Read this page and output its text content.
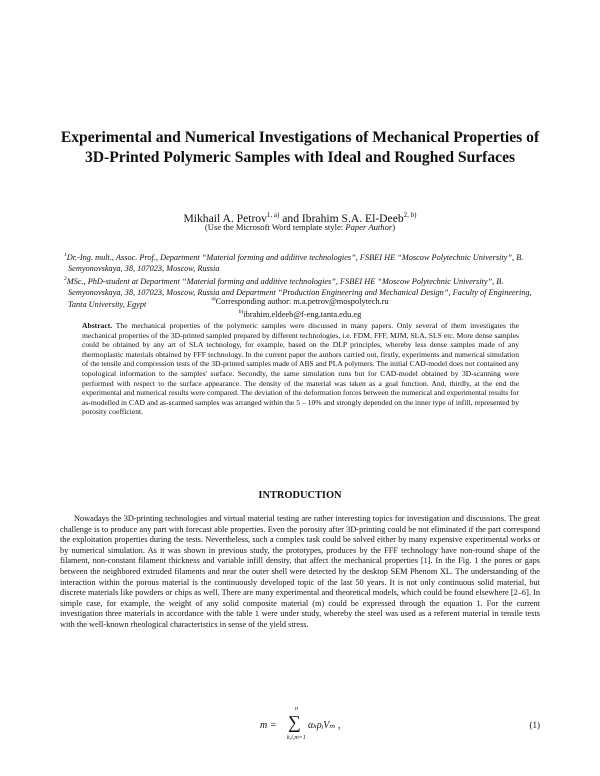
Experimental and Numerical Investigations of Mechanical Properties of 3D-Printed Polymeric Samples with Ideal and Roughed Surfaces
Mikhail A. Petrov$^{1, a)}$ and Ibrahim S.A. El-Deeb$^{2, b)}$
(Use the Microsoft Word template style: Paper Author)
$^1$Dr.-Ing. mult., Assoc. Prof., Department “Material forming and additive technologies”, FSBEI HE “Moscow Polytechnic University”, B. Semyonovskaya, 38, 107023, Moscow, Russia
$^2$MSc., PhD-student at Department “Material forming and additive technologies”, FSBEI HE “Moscow Polytechnic University”, B. Semyonovskaya, 38, 107023, Moscow, Russia and Department “Production Engineering and Mechanical Design”, Faculty of Engineering, Tanta University, Egypt
$^{a)}$Corresponding author: m.a.petrov@mospolytech.ru
$^{b)}$ibrahim.eldeeb@f-eng.tanta.edu.eg
Abstract. The mechanical properties of the polymeric samples were discussed in many papers. Only several of them investigates the mechanical properties of the 3D-printed sampled prepared by different technologies, i.e. FDM, FFF, MJM, SLA, SLS etc. More dense samples could be obtained by any art of SLA technology, for example, based on the DLP principles, whereby less dense samples made of any thermoplastic materials obtained by FFF technology. In the current paper the authors carried out, firstly, experiments and numerical simulation of the tensile and compression tests of the 3D-printed samples made of ABS and PLA polymers. The initial CAD-model does not contained any topological information to the samples' surface. Secondly, the same simulation runs but for CAD-model obtained by 3D-scanning were performed with respect to the surface appearance. The density of the material was taken as a goal function. And, thirdly, at the end the experimental and numerical results were compared. The deviation of the deformation forces between the numerical and experimental results for as-modelled in CAD and as-scanned samples was arranged within the 5 – 10% and strongly depended on the inner type of infill, represented by porosity coefficient.
INTRODUCTION

Nowadays the 3D-printing technologies and virtual material testing are rather interesting topics for investigation and discussions. The great challenge is to produce any part with forecast able properties. Even the porosity after 3D-printing could be not eliminated if the part correspond the exploitation properties during the tests. Nevertheless, such a complex task could be solved either by many expensive experimental works or by numerical simulation. As it was shown in previous study, the prototypes, produces by the FFF technology have non-round shape of the filament, non-constant filament thickness and variable infill density, that affect the mechanical properties [1]. In the Fig. 1 the pores or gaps between the neighbored extruded filaments and near the outer shell were detected by the desktop SEM Phenom XL. The understanding of the interaction within the porous material is the continuously developed topic of the last 50 years. It is not only continuous solid material, but discrete materials like powders or chips as well. There are many experimental and theoretical models, which could be found elsewhere [2–6]. In simple case, for example, the weight of any solid composite material (m) could be expressed through the equation 1. For the current investigation three materials in accordance with the table 1 were under study, whereby the steel was used as a referent material in tensile tests with the well-known rheological characteristics in sense of the yield stress.

m =
n
∑
k,i,m=1
αₖρᵢVₘ ,	(1)
